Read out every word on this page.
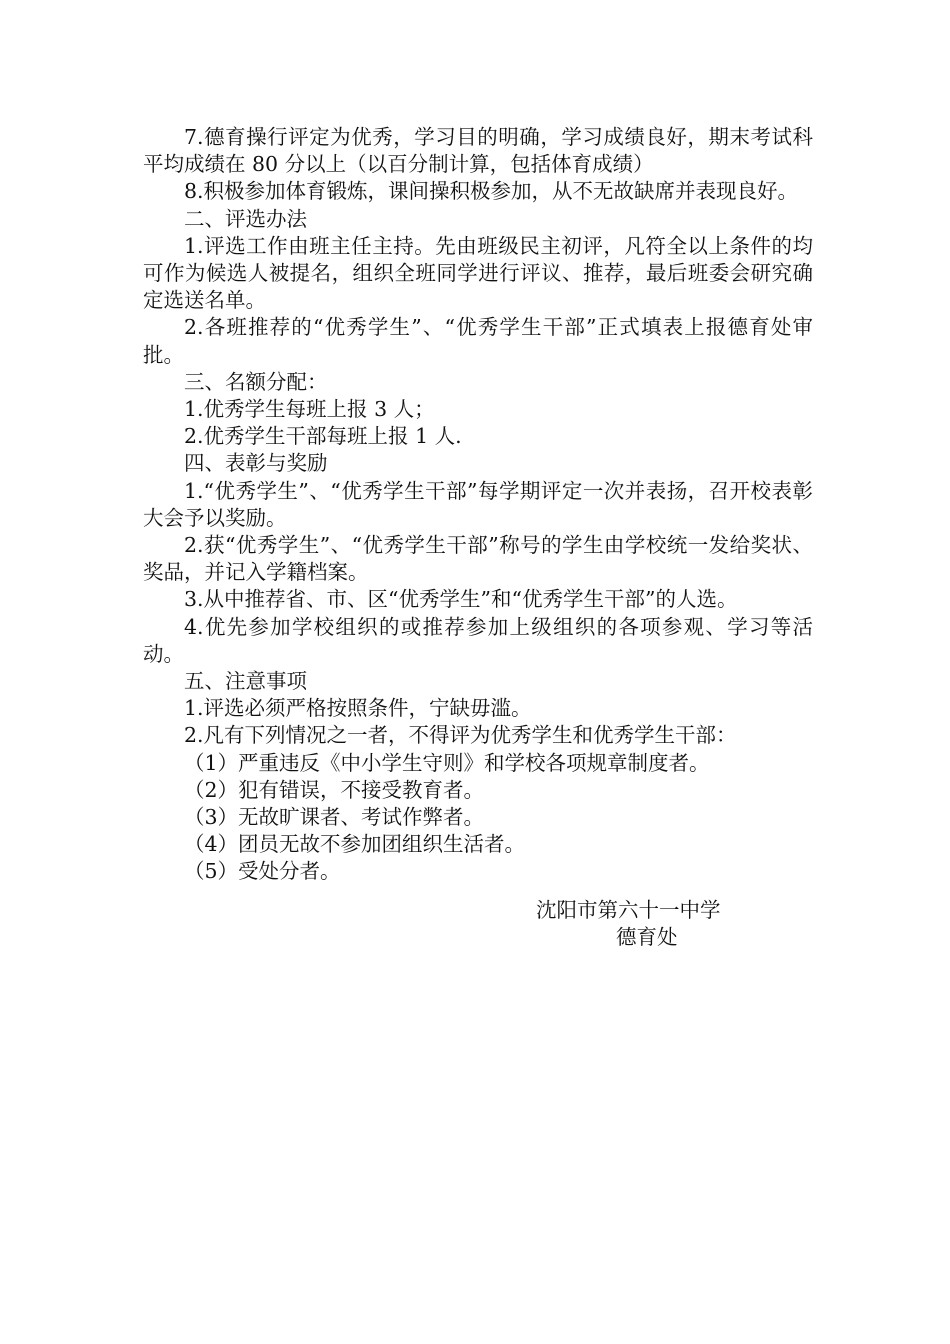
7.德育操行评定为优秀，学习目的明确，学习成绩良好，期末考试科平均成绩在 80 分以上（以百分制计算，包括体育成绩）

8.积极参加体育锻炼，课间操积极参加，从不无故缺席并表现良好。

二、评选办法

1.评选工作由班主任主持。先由班级民主初评，凡符全以上条件的均可作为候选人被提名，组织全班同学进行评议、推荐，最后班委会研究确定选送名单。

2.各班推荐的“优秀学生”、“优秀学生干部”正式填表上报德育处审批。

三、名额分配：

1.优秀学生每班上报 3 人；

2.优秀学生干部每班上报 1 人.

四、表彰与奖励

1.“优秀学生”、“优秀学生干部”每学期评定一次并表扬，召开校表彰大会予以奖励。

2.获“优秀学生”、“优秀学生干部”称号的学生由学校统一发给奖状、奖品，并记入学籍档案。

3.从中推荐省、市、区“优秀学生”和“优秀学生干部”的人选。

4.优先参加学校组织的或推荐参加上级组织的各项参观、学习等活动。

五、注意事项

1.评选必须严格按照条件，宁缺毋滥。

2.凡有下列情况之一者，不得评为优秀学生和优秀学生干部：

（1）严重违反《中小学生守则》和学校各项规章制度者。

（2）犯有错误，不接受教育者。

（3）无故旷课者、考试作弊者。

（4）团员无故不参加团组织生活者。

（5）受处分者。

沈阳市第六十一中学
德育处
